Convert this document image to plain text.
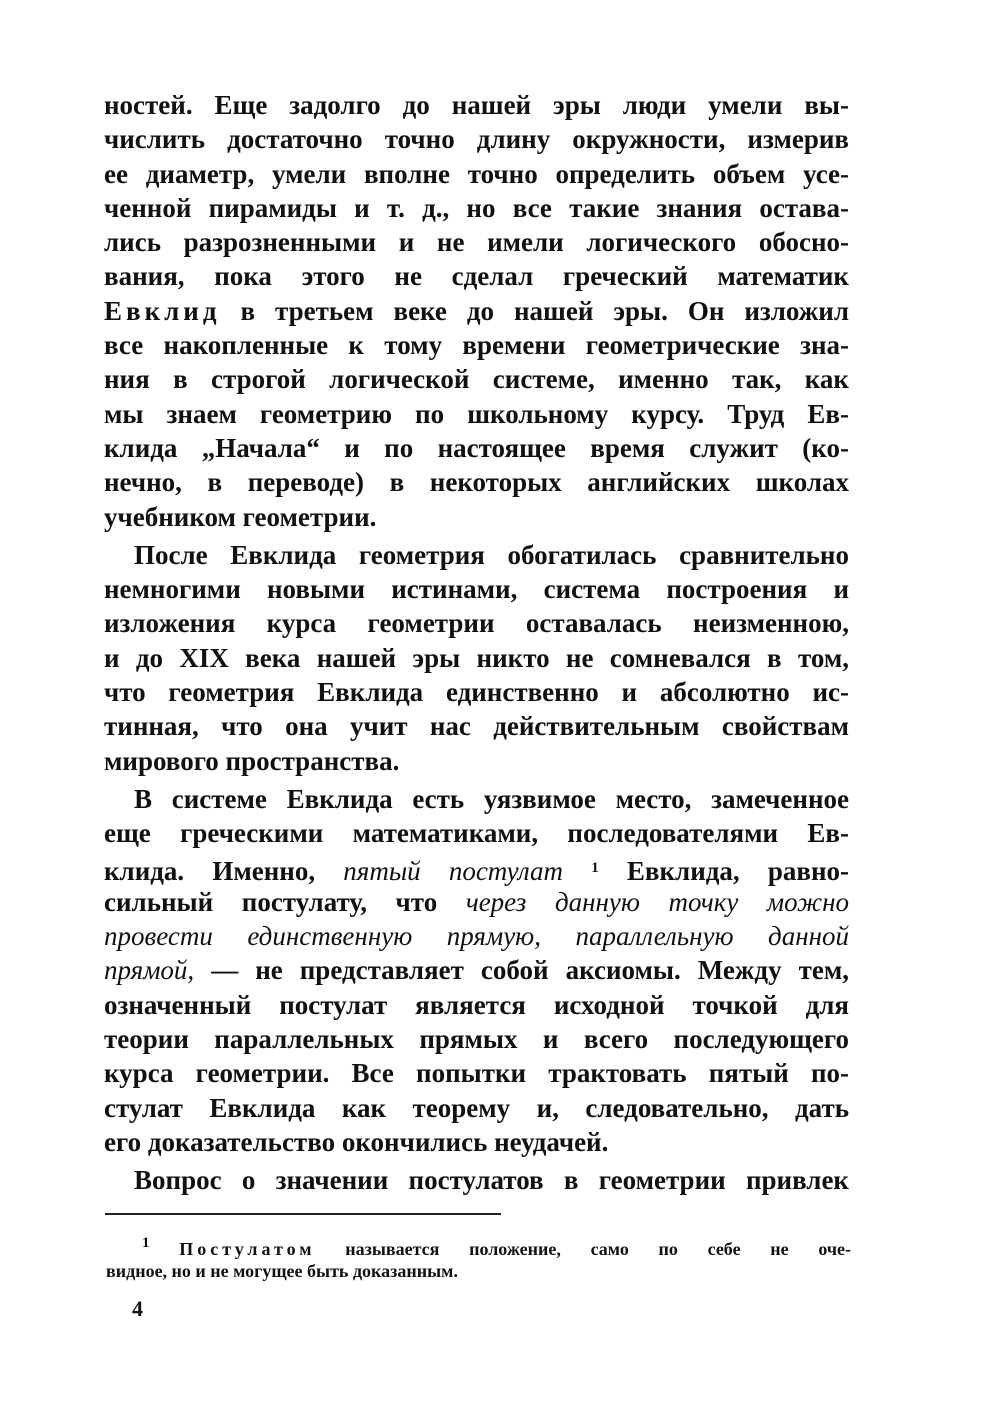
ностей. Еще задолго до нашей эры люди умели вы-
числить достаточно точно длину окружности, измерив
ее диаметр, умели вполне точно определить объем усе-
ченной пирамиды и т. д., но все такие знания остава-
лись разрозненными и не имели логического обосно-
вания, пока этого не сделал греческий математик
Евклид в третьем веке до нашей эры. Он изложил
все накопленные к тому времени геометрические зна-
ния в строгой логической системе, именно так, как
мы знаем геометрию по школьному курсу. Труд Ев-
клида „Начала“ и по настоящее время служит (ко-
нечно, в переводе) в некоторых английских школах
учебником геометрии.
После Евклида геометрия обогатилась сравнительно
немногими новыми истинами, система построения и
изложения курса геометрии оставалась неизменною,
и до XIX века нашей эры никто не сомневался в том,
что геометрия Евклида единственно и абсолютно ис-
тинная, что она учит нас действительным свойствам
мирового пространства.
В системе Евклида есть уязвимое место, замеченное
еще греческими математиками, последователями Ев-
клида. Именно, пятый постулат $^1$ Евклида, равно-
сильный постулату, что через данную точку можно
провести единственную прямую, параллельную данной
прямой, — не представляет собой аксиомы. Между тем,
означенный постулат является исходной точкой для
теории параллельных прямых и всего последующего
курса геометрии. Все попытки трактовать пятый по-
стулат Евклида как теорему и, следовательно, дать
его доказательство окончились неудачей.
Вопрос о значении постулатов в геометрии привлек
$^1$ Постулатом называется положение, само по себе не оче-
видное, но и не могущее быть доказанным.
4
